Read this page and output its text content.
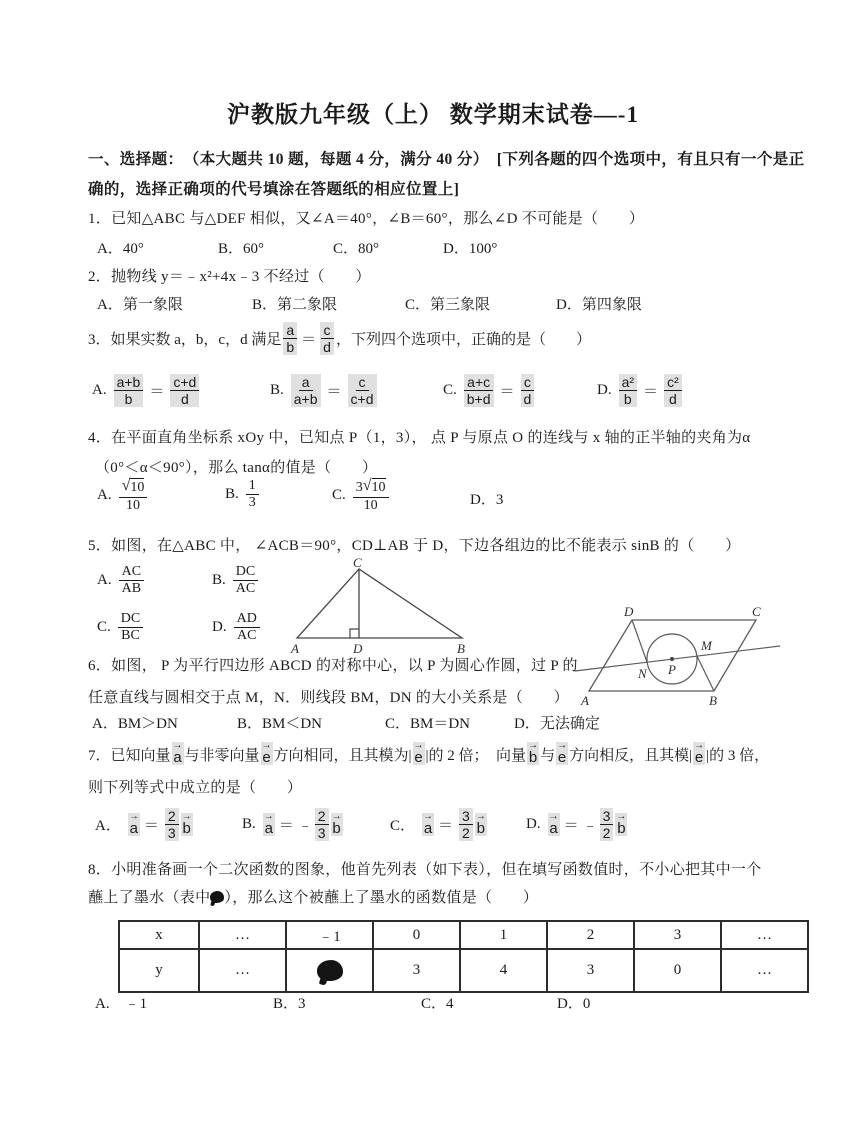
沪教版九年级（上） 数学期末试卷—-1
一、选择题：　（本大题共 10 题，每题 4 分，满分 40 分）　[下列各题的四个选项中，有且只有一个是正
确的，选择正确项的代号填涂在答题纸的相应位置上]
1．已知△ABC 与△DEF 相似，又∠A＝40°，∠B＝60°，那么∠D 不可能是（　　）
A．40°	B．60°	C．80°	D．100°
2．抛物线 y＝﹣x²+4x﹣3 不经过（　　）
A．第一象限	B．第二象限	C．第三象限	D．第四象限
3．如果实数 a，b，c，d 满足 $\frac{a}{b} = \frac{c}{d}$ ，下列四个选项中，正确的是（　　）
A. $\frac{a+b}{b} = \frac{c+d}{d}$	B. $\frac{a}{a+b} = \frac{c}{c+d}$	C. $\frac{a+c}{b+d} = \frac{c}{d}$	D. $\frac{\text{a²}}{b} = \frac{\text{c²}}{d}$
4．在平面直角坐标系 xOy 中，已知点 P（1，3）， 点 P 与原点 O 的连线与 x 轴的正半轴的夹角为α
（0°＜α＜90°），那么 tanα的值是（　　）
A. $\frac{√ 10}{10}$	B. $\frac{1}{3}$	C. $\frac{3 √ 10}{10}$	D．3
5．如图，在△ABC 中， ∠ACB＝90°，CD⊥AB 于 D，下边各组边的比不能表示 sinB 的（　　）
A. $\frac{AC}{AB}$	B. $\frac{DC}{AC}$
C. $\frac{DC}{BC}$	D. $\frac{AD}{AC}$
C
A	D	B
D	C
A	B
M
N P
6．如图， P 为平行四边形 ABCD 的对称中心，以 P 为圆心作圆，过 P 的
任意直线与圆相交于点 M，N．则线段 BM，DN 的大小关系是（　　）
A．BM＞DN	B．BM＜DN	C．BM＝DN	D．无法确定
7．已知向量
→
a 与非零向量
→
e 方向相同，且其模为|
→
e |的 2 倍；　向量
→
b 与
→
e 方向相反，且其模|
→
e |的 3 倍，
则下列等式中成立的是（　　）
A．
→
$a = \frac{2}{3}$ →
b	B. →
a ＝ ﹣ $\frac{2}{3}$ →
b	C．
→
$a = \frac{3}{2}$ →
b	D. →
a ＝ ﹣ $\frac{3}{2}$ →
b
8．小明准备画一个二次函数的图象，他首先列表（如下表），但在填写函数值时，不小心把其中一个
蘸上了墨水（表中 ），那么这个被蘸上了墨水的函数值是（　　）
x	…	﹣1	0	1	2	3	…
y	…		3	4	3	0	…
A.　﹣1	B．3	C．4	D．0
